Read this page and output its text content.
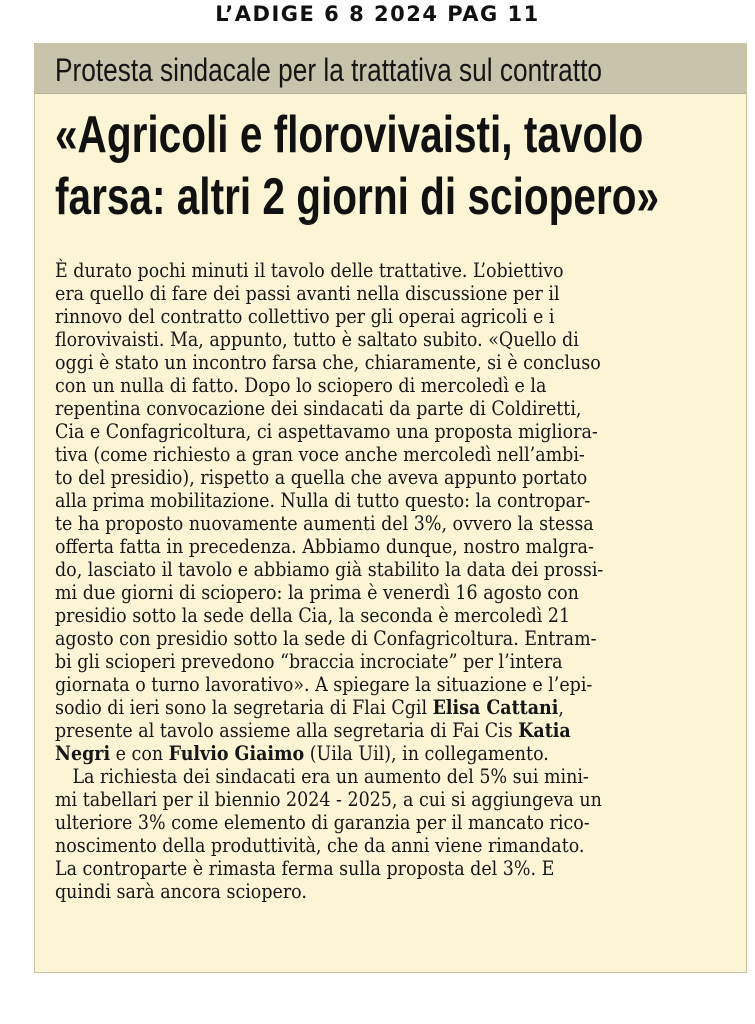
L’ADIGE 6 8 2024 PAG 11
Protesta sindacale per la trattativa sul contratto
«Agricoli e florovivaisti, tavolo
farsa: altri 2 giorni di sciopero»
È durato pochi minuti il tavolo delle trattative. L’obiettivo
era quello di fare dei passi avanti nella discussione per il
rinnovo del contratto collettivo per gli operai agricoli e i
florovivaisti. Ma, appunto, tutto è saltato subito. «Quello di
oggi è stato un incontro farsa che, chiaramente, si è concluso
con un nulla di fatto. Dopo lo sciopero di mercoledì e la
repentina convocazione dei sindacati da parte di Coldiretti,
Cia e Confagricoltura, ci aspettavamo una proposta migliora-
tiva (come richiesto a gran voce anche mercoledì nell’ambi-
to del presidio), rispetto a quella che aveva appunto portato
alla prima mobilitazione. Nulla di tutto questo: la contropar-
te ha proposto nuovamente aumenti del 3%, ovvero la stessa
offerta fatta in precedenza. Abbiamo dunque, nostro malgra-
do, lasciato il tavolo e abbiamo già stabilito la data dei prossi-
mi due giorni di sciopero: la prima è venerdì 16 agosto con
presidio sotto la sede della Cia, la seconda è mercoledì 21
agosto con presidio sotto la sede di Confagricoltura. Entram-
bi gli scioperi prevedono “braccia incrociate” per l’intera
giornata o turno lavorativo». A spiegare la situazione e l’epi-
sodio di ieri sono la segretaria di Flai Cgil Elisa Cattani,
presente al tavolo assieme alla segretaria di Fai Cis Katia
Negri e con Fulvio Giaimo (Uila Uil), in collegamento.
La richiesta dei sindacati era un aumento del 5% sui mini-
mi tabellari per il biennio 2024 - 2025, a cui si aggiungeva un
ulteriore 3% come elemento di garanzia per il mancato rico-
noscimento della produttività, che da anni viene rimandato.
La controparte è rimasta ferma sulla proposta del 3%. E
quindi sarà ancora sciopero.
